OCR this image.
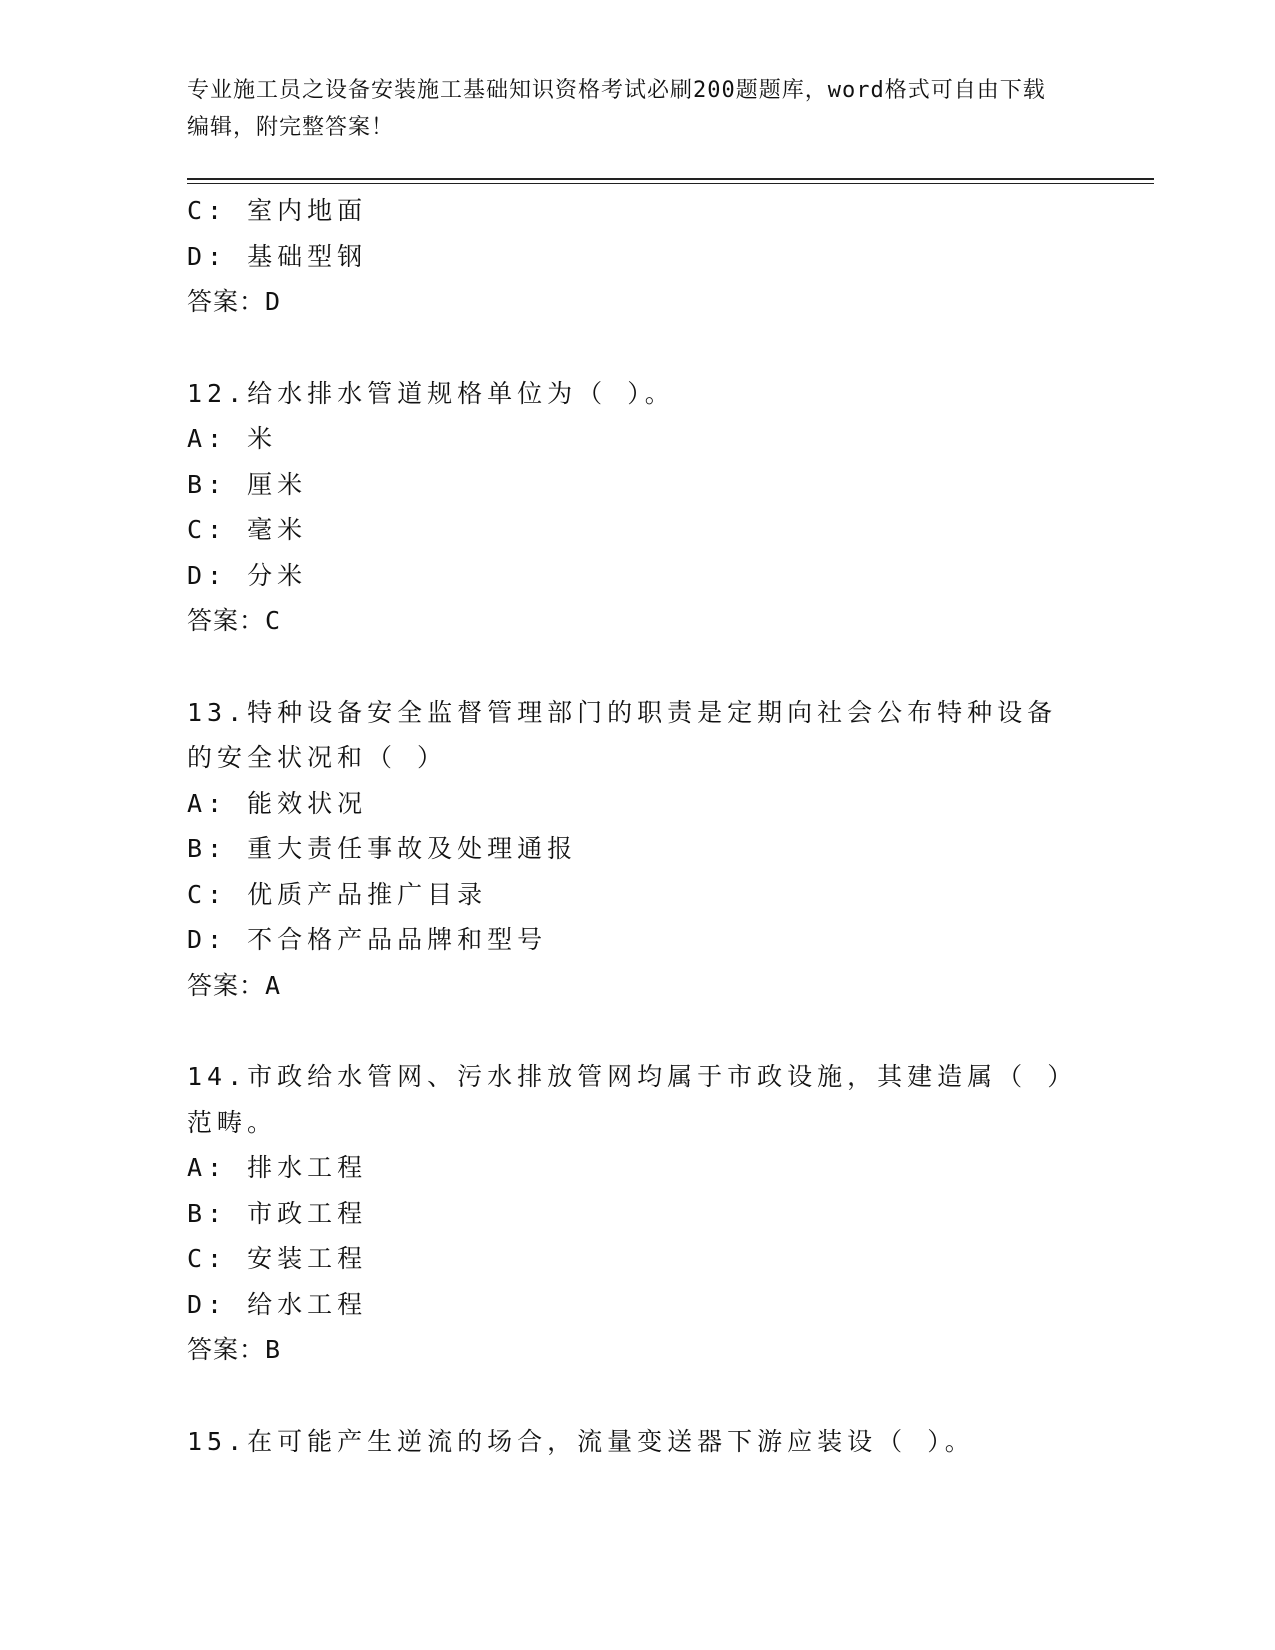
专业施工员之设备安装施工基础知识资格考试必刷200题题库，word格式可自由下载编辑，附完整答案！
C: 室内地面
D: 基础型钢
答案：D
12.给水排水管道规格单位为（ ）。
A: 米
B: 厘米
C: 毫米
D: 分米
答案：C
13.特种设备安全监督管理部门的职责是定期向社会公布特种设备的安全状况和（ ）
A: 能效状况
B: 重大责任事故及处理通报
C: 优质产品推广目录
D: 不合格产品品牌和型号
答案：A
14.市政给水管网、污水排放管网均属于市政设施，其建造属（ ）范畴。
A: 排水工程
B: 市政工程
C: 安装工程
D: 给水工程
答案：B
15.在可能产生逆流的场合，流量变送器下游应装设（ ）。
